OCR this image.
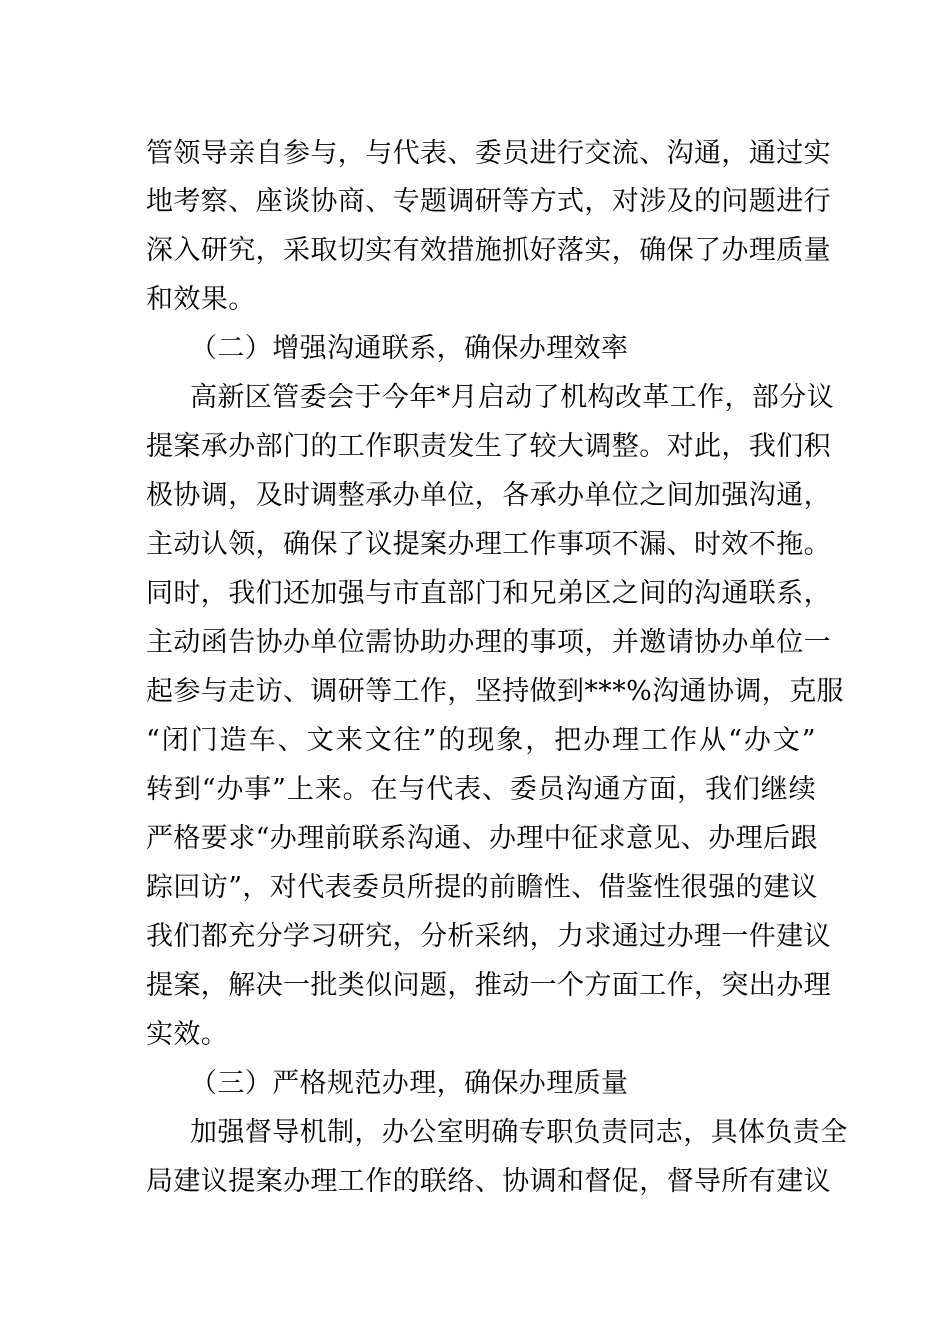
管领导亲自参与，与代表、委员进行交流、沟通，通过实
地考察、座谈协商、专题调研等方式，对涉及的问题进行
深入研究，采取切实有效措施抓好落实，确保了办理质量
和效果。
（二）增强沟通联系，确保办理效率
高新区管委会于今年*月启动了机构改革工作，部分议
提案承办部门的工作职责发生了较大调整。对此，我们积
极协调，及时调整承办单位，各承办单位之间加强沟通，
主动认领，确保了议提案办理工作事项不漏、时效不拖。
同时，我们还加强与市直部门和兄弟区之间的沟通联系，
主动函告协办单位需协助办理的事项，并邀请协办单位一
起参与走访、调研等工作，坚持做到***%沟通协调，克服
“闭门造车、文来文往”的现象，把办理工作从“办文”
转到“办事”上来。在与代表、委员沟通方面，我们继续
严格要求“办理前联系沟通、办理中征求意见、办理后跟
踪回访”，对代表委员所提的前瞻性、借鉴性很强的建议
我们都充分学习研究，分析采纳，力求通过办理一件建议
提案，解决一批类似问题，推动一个方面工作，突出办理
实效。
（三）严格规范办理，确保办理质量
加强督导机制，办公室明确专职负责同志，具体负责全
局建议提案办理工作的联络、协调和督促，督导所有建议
